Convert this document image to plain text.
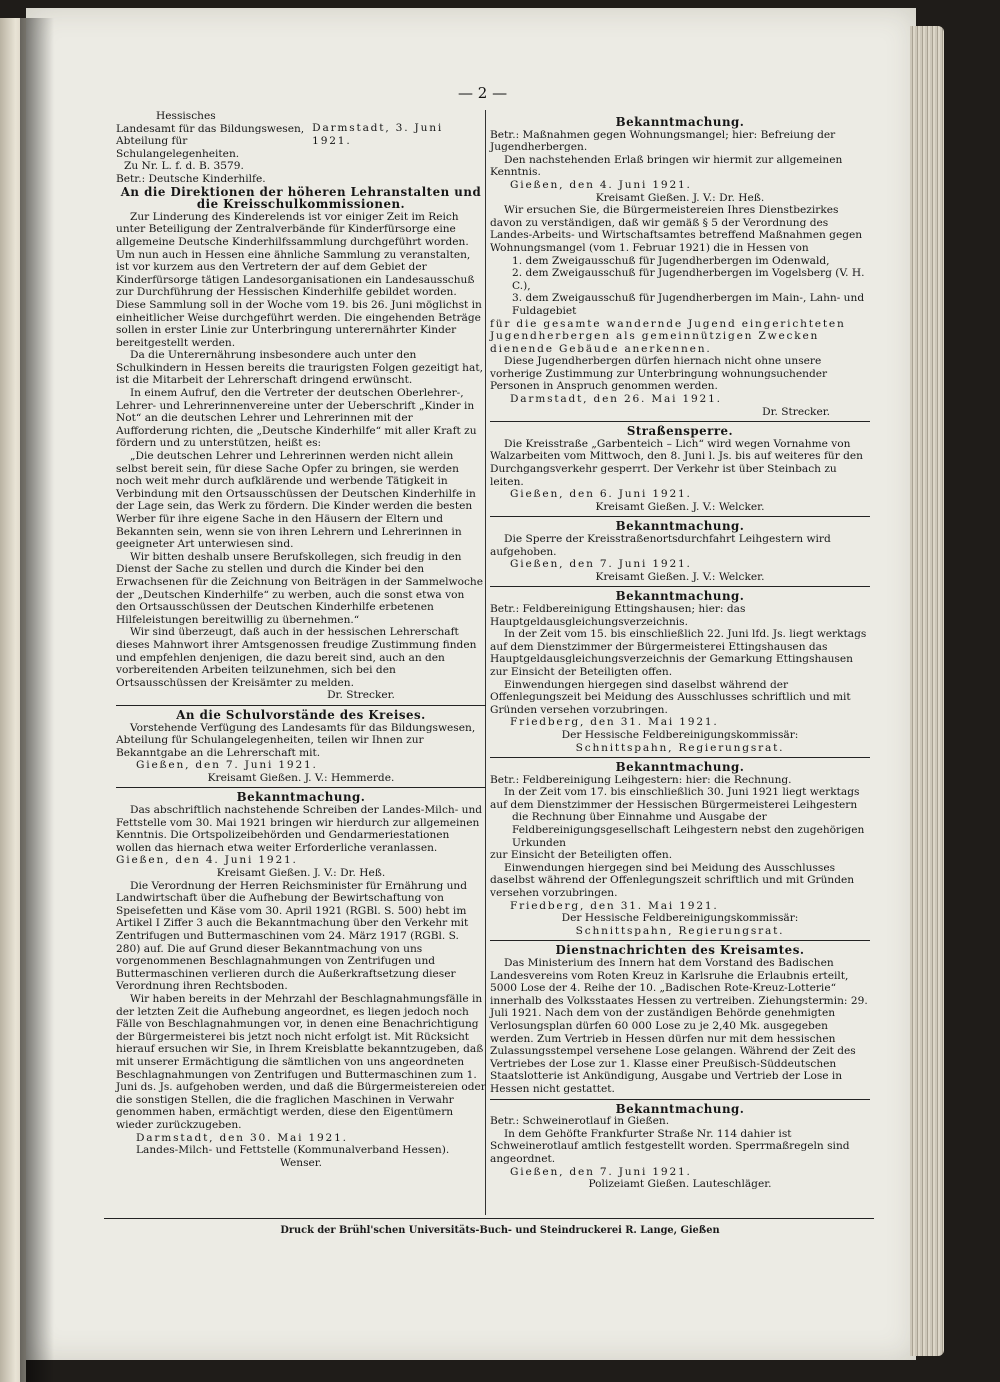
— 2 —

Hessisches

Landesamt für das Bildungswesen,

Abteilung für Schulangelegenheiten.

Zu Nr. L. f. d. B. 3579.

Darmstadt, 3. Juni 1921.

Betr.: Deutsche Kinderhilfe.

An die Direktionen der höheren Lehranstalten und die Kreisschulkommissionen.

Zur Linderung des Kinderelends ist vor einiger Zeit im Reich unter Beteiligung der Zentralverbände für Kinderfürsorge eine allgemeine Deutsche Kinderhilfssammlung durchgeführt worden. Um nun auch in Hessen eine ähnliche Sammlung zu veranstalten, ist vor kurzem aus den Vertretern der auf dem Gebiet der Kinderfürsorge tätigen Landesorganisationen ein Landesausschuß zur Durchführung der Hessischen Kinderhilfe gebildet worden. Diese Sammlung soll in der Woche vom 19. bis 26. Juni möglichst in einheitlicher Weise durchgeführt werden. Die eingehenden Beträge sollen in erster Linie zur Unterbringung unterernährter Kinder bereitgestellt werden.

Da die Unterernährung insbesondere auch unter den Schulkindern in Hessen bereits die traurigsten Folgen gezeitigt hat, ist die Mitarbeit der Lehrerschaft dringend erwünscht.

In einem Aufruf, den die Vertreter der deutschen Oberlehrer-, Lehrer- und Lehrerinnenvereine unter der Ueberschrift „Kinder in Not“ an die deutschen Lehrer und Lehrerinnen mit der Aufforderung richten, die „Deutsche Kinderhilfe“ mit aller Kraft zu fördern und zu unterstützen, heißt es:

„Die deutschen Lehrer und Lehrerinnen werden nicht allein selbst bereit sein, für diese Sache Opfer zu bringen, sie werden noch weit mehr durch aufklärende und werbende Tätigkeit in Verbindung mit den Ortsausschüssen der Deutschen Kinderhilfe in der Lage sein, das Werk zu fördern. Die Kinder werden die besten Werber für ihre eigene Sache in den Häusern der Eltern und Bekannten sein, wenn sie von ihren Lehrern und Lehrerinnen in geeigneter Art unterwiesen sind.

Wir bitten deshalb unsere Berufskollegen, sich freudig in den Dienst der Sache zu stellen und durch die Kinder bei den Erwachsenen für die Zeichnung von Beiträgen in der Sammelwoche der „Deutschen Kinderhilfe“ zu werben, auch die sonst etwa von den Ortsausschüssen der Deutschen Kinderhilfe erbetenen Hilfeleistungen bereitwillig zu übernehmen.“

Wir sind überzeugt, daß auch in der hessischen Lehrerschaft dieses Mahnwort ihrer Amtsgenossen freudige Zustimmung finden und empfehlen denjenigen, die dazu bereit sind, auch an den vorbereitenden Arbeiten teilzunehmen, sich bei den Ortsausschüssen der Kreisämter zu melden.

Dr. Strecker.

An die Schulvorstände des Kreises.

Vorstehende Verfügung des Landesamts für das Bildungswesen, Abteilung für Schulangelegenheiten, teilen wir Ihnen zur Bekanntgabe an die Lehrerschaft mit.

Gießen, den 7. Juni 1921.

Kreisamt Gießen. J. V.: Hemmerde.

Bekanntmachung.

Das abschriftlich nachstehende Schreiben der Landes-Milch- und Fettstelle vom 30. Mai 1921 bringen wir hierdurch zur allgemeinen Kenntnis. Die Ortspolizeibehörden und Gendarmeriestationen wollen das hiernach etwa weiter Erforderliche veranlassen.

Gießen, den 4. Juni 1921.

Kreisamt Gießen. J. V.: Dr. Heß.

Die Verordnung der Herren Reichsminister für Ernährung und Landwirtschaft über die Aufhebung der Bewirtschaftung von Speisefetten und Käse vom 30. April 1921 (RGBl. S. 500) hebt im Artikel I Ziffer 3 auch die Bekanntmachung über den Verkehr mit Zentrifugen und Buttermaschinen vom 24. März 1917 (RGBl. S. 280) auf. Die auf Grund dieser Bekanntmachung von uns vorgenommenen Beschlagnahmungen von Zentrifugen und Buttermaschinen verlieren durch die Außerkraftsetzung dieser Verordnung ihren Rechtsboden.

Wir haben bereits in der Mehrzahl der Beschlagnahmungsfälle in der letzten Zeit die Aufhebung angeordnet, es liegen jedoch noch Fälle von Beschlagnahmungen vor, in denen eine Benachrichtigung der Bürgermeisterei bis jetzt noch nicht erfolgt ist. Mit Rücksicht hierauf ersuchen wir Sie, in Ihrem Kreisblatte bekanntzugeben, daß mit unserer Ermächtigung die sämtlichen von uns angeordneten Beschlagnahmungen von Zentrifugen und Buttermaschinen zum 1. Juni ds. Js. aufgehoben werden, und daß die Bürgermeistereien oder die sonstigen Stellen, die die fraglichen Maschinen in Verwahr genommen haben, ermächtigt werden, diese den Eigentümern wieder zurückzugeben.

Darmstadt, den 30. Mai 1921.

Landes-Milch- und Fettstelle (Kommunalverband Hessen).

Wenser.

Bekanntmachung.

Betr.: Maßnahmen gegen Wohnungsmangel; hier: Befreiung der Jugendherbergen.

Den nachstehenden Erlaß bringen wir hiermit zur allgemeinen Kenntnis.

Gießen, den 4. Juni 1921.

Kreisamt Gießen. J. V.: Dr. Heß.

Wir ersuchen Sie, die Bürgermeistereien Ihres Dienstbezirkes davon zu verständigen, daß wir gemäß § 5 der Verordnung des Landes-Arbeits- und Wirtschaftsamtes betreffend Maßnahmen gegen Wohnungsmangel (vom 1. Februar 1921) die in Hessen von

1. dem Zweigausschuß für Jugendherbergen im Odenwald,

2. dem Zweigausschuß für Jugendherbergen im Vogelsberg (V. H. C.),

3. dem Zweigausschuß für Jugendherbergen im Main-, Lahn- und Fuldagebiet

für die gesamte wandernde Jugend eingerichteten Jugendherbergen als gemeinnützigen Zwecken dienende Gebäude anerkennen.

Diese Jugendherbergen dürfen hiernach nicht ohne unsere vorherige Zustimmung zur Unterbringung wohnungsuchender Personen in Anspruch genommen werden.

Darmstadt, den 26. Mai 1921.

Dr. Strecker.

Straßensperre.

Die Kreisstraße „Garbenteich – Lich“ wird wegen Vornahme von Walzarbeiten vom Mittwoch, den 8. Juni l. Js. bis auf weiteres für den Durchgangsverkehr gesperrt. Der Verkehr ist über Steinbach zu leiten.

Gießen, den 6. Juni 1921.

Kreisamt Gießen. J. V.: Welcker.

Bekanntmachung.

Die Sperre der Kreisstraßenortsdurchfahrt Leihgestern wird aufgehoben.

Gießen, den 7. Juni 1921.

Kreisamt Gießen. J. V.: Welcker.

Bekanntmachung.

Betr.: Feldbereinigung Ettingshausen; hier: das Hauptgeldausgleichungsverzeichnis.

In der Zeit vom 15. bis einschließlich 22. Juni lfd. Js. liegt werktags auf dem Dienstzimmer der Bürgermeisterei Ettingshausen das Hauptgeldausgleichungsverzeichnis der Gemarkung Ettingshausen

zur Einsicht der Beteiligten offen.

Einwendungen hiergegen sind daselbst während der Offenlegungszeit bei Meidung des Ausschlusses schriftlich und mit Gründen versehen vorzubringen.

Friedberg, den 31. Mai 1921.

Der Hessische Feldbereinigungskommissär:

Schnittspahn, Regierungsrat.

Bekanntmachung.

Betr.: Feldbereinigung Leihgestern: hier: die Rechnung.

In der Zeit vom 17. bis einschließlich 30. Juni 1921 liegt werktags auf dem Dienstzimmer der Hessischen Bürgermeisterei Leihgestern

die Rechnung über Einnahme und Ausgabe der Feldbereinigungsgesellschaft Leihgestern nebst den zugehörigen Urkunden

zur Einsicht der Beteiligten offen.

Einwendungen hiergegen sind bei Meidung des Ausschlusses daselbst während der Offenlegungszeit schriftlich und mit Gründen versehen vorzubringen.

Friedberg, den 31. Mai 1921.

Der Hessische Feldbereinigungskommissär:

Schnittspahn, Regierungsrat.

Dienstnachrichten des Kreisamtes.

Das Ministerium des Innern hat dem Vorstand des Badischen Landesvereins vom Roten Kreuz in Karlsruhe die Erlaubnis erteilt, 5000 Lose der 4. Reihe der 10. „Badischen Rote-Kreuz-Lotterie“ innerhalb des Volksstaates Hessen zu vertreiben. Ziehungstermin: 29. Juli 1921. Nach dem von der zuständigen Behörde genehmigten Verlosungsplan dürfen 60 000 Lose zu je 2,40 Mk. ausgegeben werden. Zum Vertrieb in Hessen dürfen nur mit dem hessischen Zulassungsstempel versehene Lose gelangen. Während der Zeit des Vertriebes der Lose zur 1. Klasse einer Preußisch-Süddeutschen Staatslotterie ist Ankündigung, Ausgabe und Vertrieb der Lose in Hessen nicht gestattet.

Bekanntmachung.

Betr.: Schweinerotlauf in Gießen.

In dem Gehöfte Frankfurter Straße Nr. 114 dahier ist Schweinerotlauf amtlich festgestellt worden. Sperrmaßregeln sind angeordnet.

Gießen, den 7. Juni 1921.

Polizeiamt Gießen. Lauteschläger.

Druck der Brühl'schen Universitäts-Buch- und Steindruckerei R. Lange, Gießen
